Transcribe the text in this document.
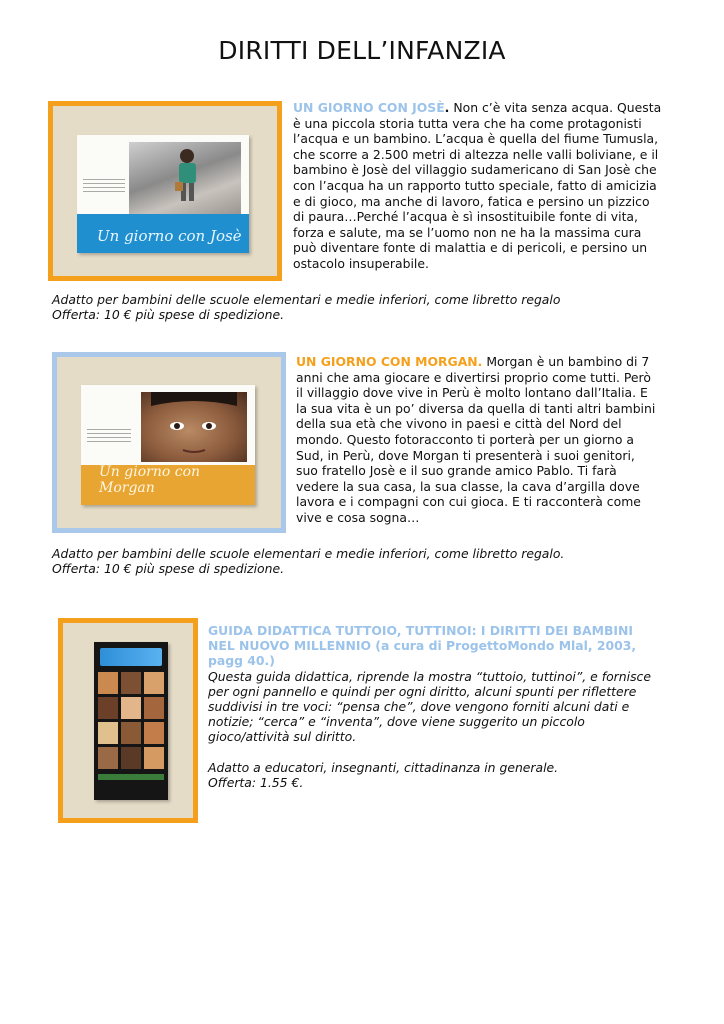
DIRITTI DELL’INFANZIA
Un giorno con Josè
UN GIORNO CON JOSÈ. Non c’è vita senza acqua. Questa è una piccola storia tutta vera che ha come protagonisti l’acqua e un bambino. L’acqua è quella del fiume Tumusla, che scorre a 2.500 metri di altezza nelle valli boliviane, e il bambino è Josè del villaggio sudamericano di San Josè che con l’acqua ha un rapporto tutto speciale, fatto di amicizia e di gioco, ma anche di lavoro, fatica e persino un pizzico di paura…Perché l’acqua è sì insostituibile fonte di vita, forza e salute, ma se l’uomo non ne ha la massima cura può diventare fonte di malattia e di pericoli, e persino un ostacolo insuperabile.

Adatto per bambini delle scuole elementari e medie inferiori, come libretto regalo

Offerta: 10 € più spese di spedizione.

Un giorno con Morgan
UN GIORNO CON MORGAN. Morgan è un bambino di 7 anni che ama giocare e divertirsi proprio come tutti. Però il villaggio dove vive in Perù è molto lontano dall’Italia. E la sua vita è un po’ diversa da quella di tanti altri bambini della sua età che vivono in paesi e città del Nord del mondo. Questo fotoracconto ti porterà per un giorno a Sud, in Perù, dove Morgan ti presenterà i suoi genitori, suo fratello Josè e il suo grande amico Pablo. Ti farà vedere la sua casa, la sua classe, la cava d’argilla dove lavora e i compagni con cui gioca. E ti racconterà come vive e cosa sogna…

Adatto per bambini delle scuole elementari e medie inferiori, come libretto regalo.

Offerta: 10 € più spese di spedizione.

GUIDA DIDATTICA TUTTOIO, TUTTINOI: I DIRITTI DEI BAMBINI NEL NUOVO MILLENNIO (a cura di ProgettoMondo Mlal, 2003, pagg 40.)

Questa guida didattica, riprende la mostra “tuttoio, tuttinoi”, e fornisce per ogni pannello e quindi per ogni diritto, alcuni spunti per riflettere suddivisi in tre voci: “pensa che”, dove vengono forniti alcuni dati e notizie; “cerca” e “inventa”, dove viene suggerito un piccolo gioco/attività sul diritto.

Adatto a educatori, insegnanti, cittadinanza in generale.

Offerta: 1.55 €.
